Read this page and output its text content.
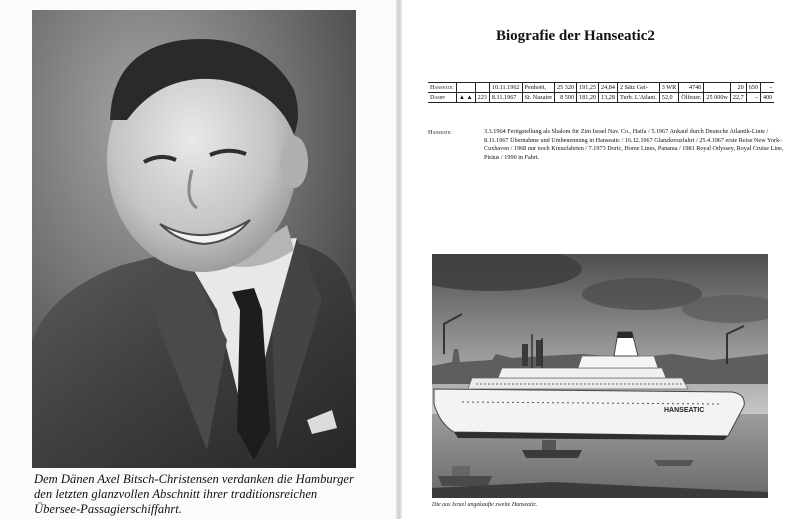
Dem Dänen Axel Bitsch-Christensen verdanken die Hamburger den letzten glanzvollen Abschnitt ihrer traditionsreichen Übersee-Passagierschiffahrt.
Biografie der Hanseatic2
Hanseatic			10.11.1962	Penhoët,	25 320	191,25	24,84	2 Sätz Get-	3 WR	4740		20	650	–
Dampf	▲ ▲	223	8.11.1967	St. Nazaire	8 500	181,20	13,28	Turb. L'Atlant.	52,0	Ölfeuer.	25 000w	22,7	–	400
Hanseatic	3.3.1964 Fertigstellung als Shalom für Zim Israel Nav. Co., Haifa / 5.1967 Ankauf durch Deutsche Atlantik-Linie / 8.11.1967 Übernahme und Umbenennung in Hanseatic / 16.12.1967 Glanzkreuzfahrt / 25.4.1967 erste Reise New York–Cuxhaven / 1968 nur noch Kreuzfahrten / 7.1973 Doric, Home Lines, Panama / 1981 Royal Odyssey, Royal Cruise Line, Piräus / 1990 in Fahrt.
HANSEATIC
Die aus Israel angekaufte zweite Hanseatic.
